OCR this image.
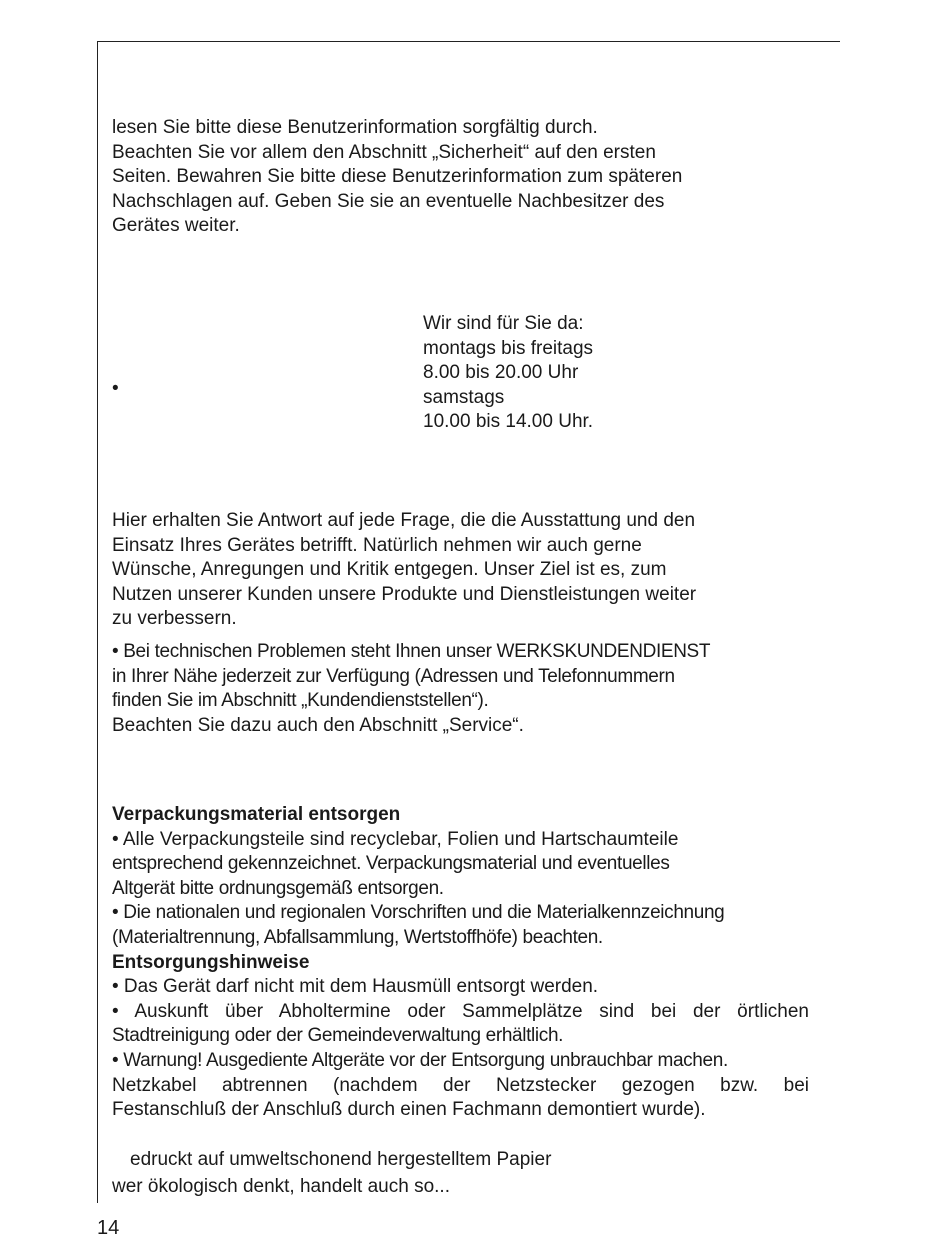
lesen Sie bitte diese Benutzerinformation sorgfältig durch.
Beachten Sie vor allem den Abschnitt „Sicherheit“ auf den ersten
Seiten. Bewahren Sie bitte diese Benutzerinformation zum späteren
Nachschlagen auf. Geben Sie sie an eventuelle Nachbesitzer des
Gerätes weiter.
•
Wir sind für Sie da:
montags bis freitags
8.00 bis 20.00 Uhr
samstags
10.00 bis 14.00 Uhr.
Hier erhalten Sie Antwort auf jede Frage, die die Ausstattung und den
Einsatz Ihres Gerätes betrifft. Natürlich nehmen wir auch gerne
Wünsche, Anregungen und Kritik entgegen. Unser Ziel ist es, zum
Nutzen unserer Kunden unsere Produkte und Dienstleistungen weiter
zu verbessern.
• Bei technischen Problemen steht Ihnen unser WERKSKUNDENDIENST
in Ihrer Nähe jederzeit zur Verfügung (Adressen und Telefonnummern
finden Sie im Abschnitt „Kundendienststellen“).
Beachten Sie dazu auch den Abschnitt „Service“.
Verpackungsmaterial entsorgen
• Alle Verpackungsteile sind recyclebar, Folien und Hartschaumteile
entsprechend gekennzeichnet. Verpackungsmaterial und eventuelles
Altgerät bitte ordnungsgemäß entsorgen.
• Die nationalen und regionalen Vorschriften und die Materialkennzeichnung
(Materialtrennung, Abfallsammlung, Wertstoffhöfe) beachten.
Entsorgungshinweise
• Das Gerät darf nicht mit dem Hausmüll entsorgt werden.
• Auskunft über Abholtermine oder Sammelplätze sind bei der örtlichen
Stadtreinigung oder der Gemeindeverwaltung erhältlich.
• Warnung! Ausgediente Altgeräte vor der Entsorgung unbrauchbar machen.
Netzkabel abtrennen (nachdem der Netzstecker gezogen bzw. bei
Festanschluß der Anschluß durch einen Fachmann demontiert wurde).
edruckt auf umweltschonend hergestelltem Papier
wer ökologisch denkt, handelt auch so...
14
